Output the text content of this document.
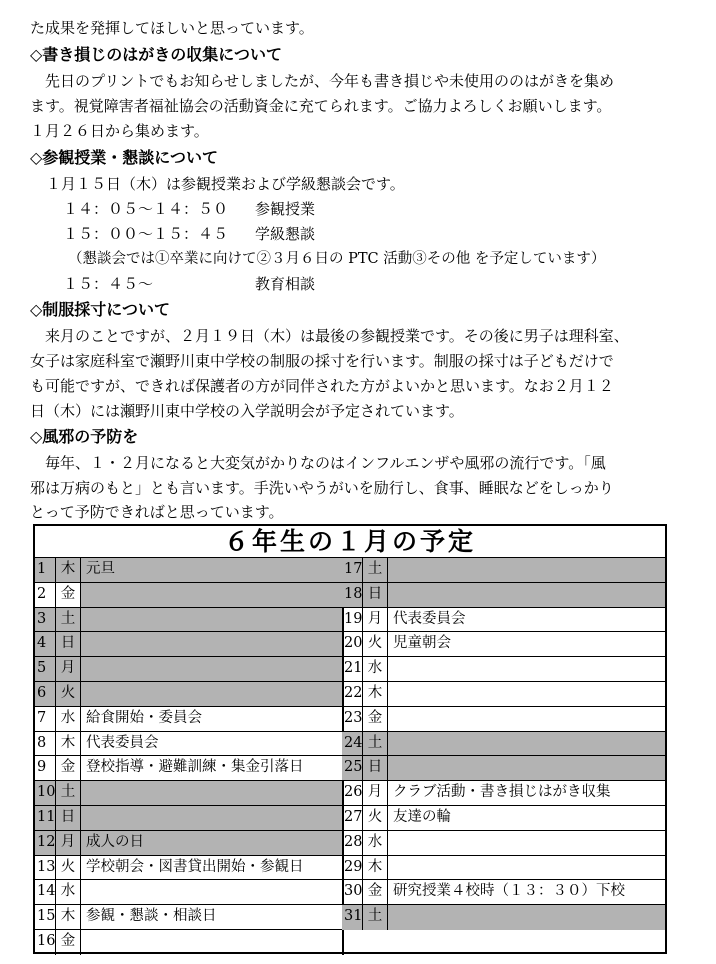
た成果を発揮してほしいと思っています。
◇書き損じのはがきの収集について
　先日のプリントでもお知らせしましたが、今年も書き損じや未使用ののはがきを集め
ます。視覚障害者福祉協会の活動資金に充てられます。ご協力よろしくお願いします。
１月２６日から集めます。
◇参観授業・懇談について
１月１５日（木）は参観授業および学級懇談会です。
１４：０５～１４：５０ 参観授業
１５：００～１５：４５ 学級懇談
（懇談会では①卒業に向けて②３月６日の PTC 活動③その他 を予定しています）
１５：４５～	教育相談
◇制服採寸について
　来月のことですが、２月１９日（木）は最後の参観授業です。その後に男子は理科室、
女子は家庭科室で瀬野川東中学校の制服の採寸を行います。制服の採寸は子どもだけで
も可能ですが、できれば保護者の方が同伴された方がよいかと思います。なお２月１２
日（木）には瀬野川東中学校の入学説明会が予定されています。
◇風邪の予防を
　毎年、１・２月になると大変気がかりなのはインフルエンザや風邪の流行です。「風
邪は万病のもと」とも言います。手洗いやうがいを励行し、食事、睡眠などをしっかり
とって予防できればと思っています。
６年生の１月の予定
1	木 元旦
2	金
3	土
4	日
5	月
6	火
7	水 給食開始・委員会
8	木 代表委員会
9	金 登校指導・避難訓練・集金引落日
10 土
11 日
12 月 成人の日
13 火 学校朝会・図書貸出開始・参観日
14 水
15 木 参観・懇談・相談日
16 金
17 土
18 日
19 月 代表委員会
20 火 児童朝会
21 水
22 木
23 金
24 土
25 日
26 月 クラブ活動・書き損じはがき収集
27 火 友達の輪
28 水
29 木
30 金 研究授業４校時（１３：３０）下校
31 土
